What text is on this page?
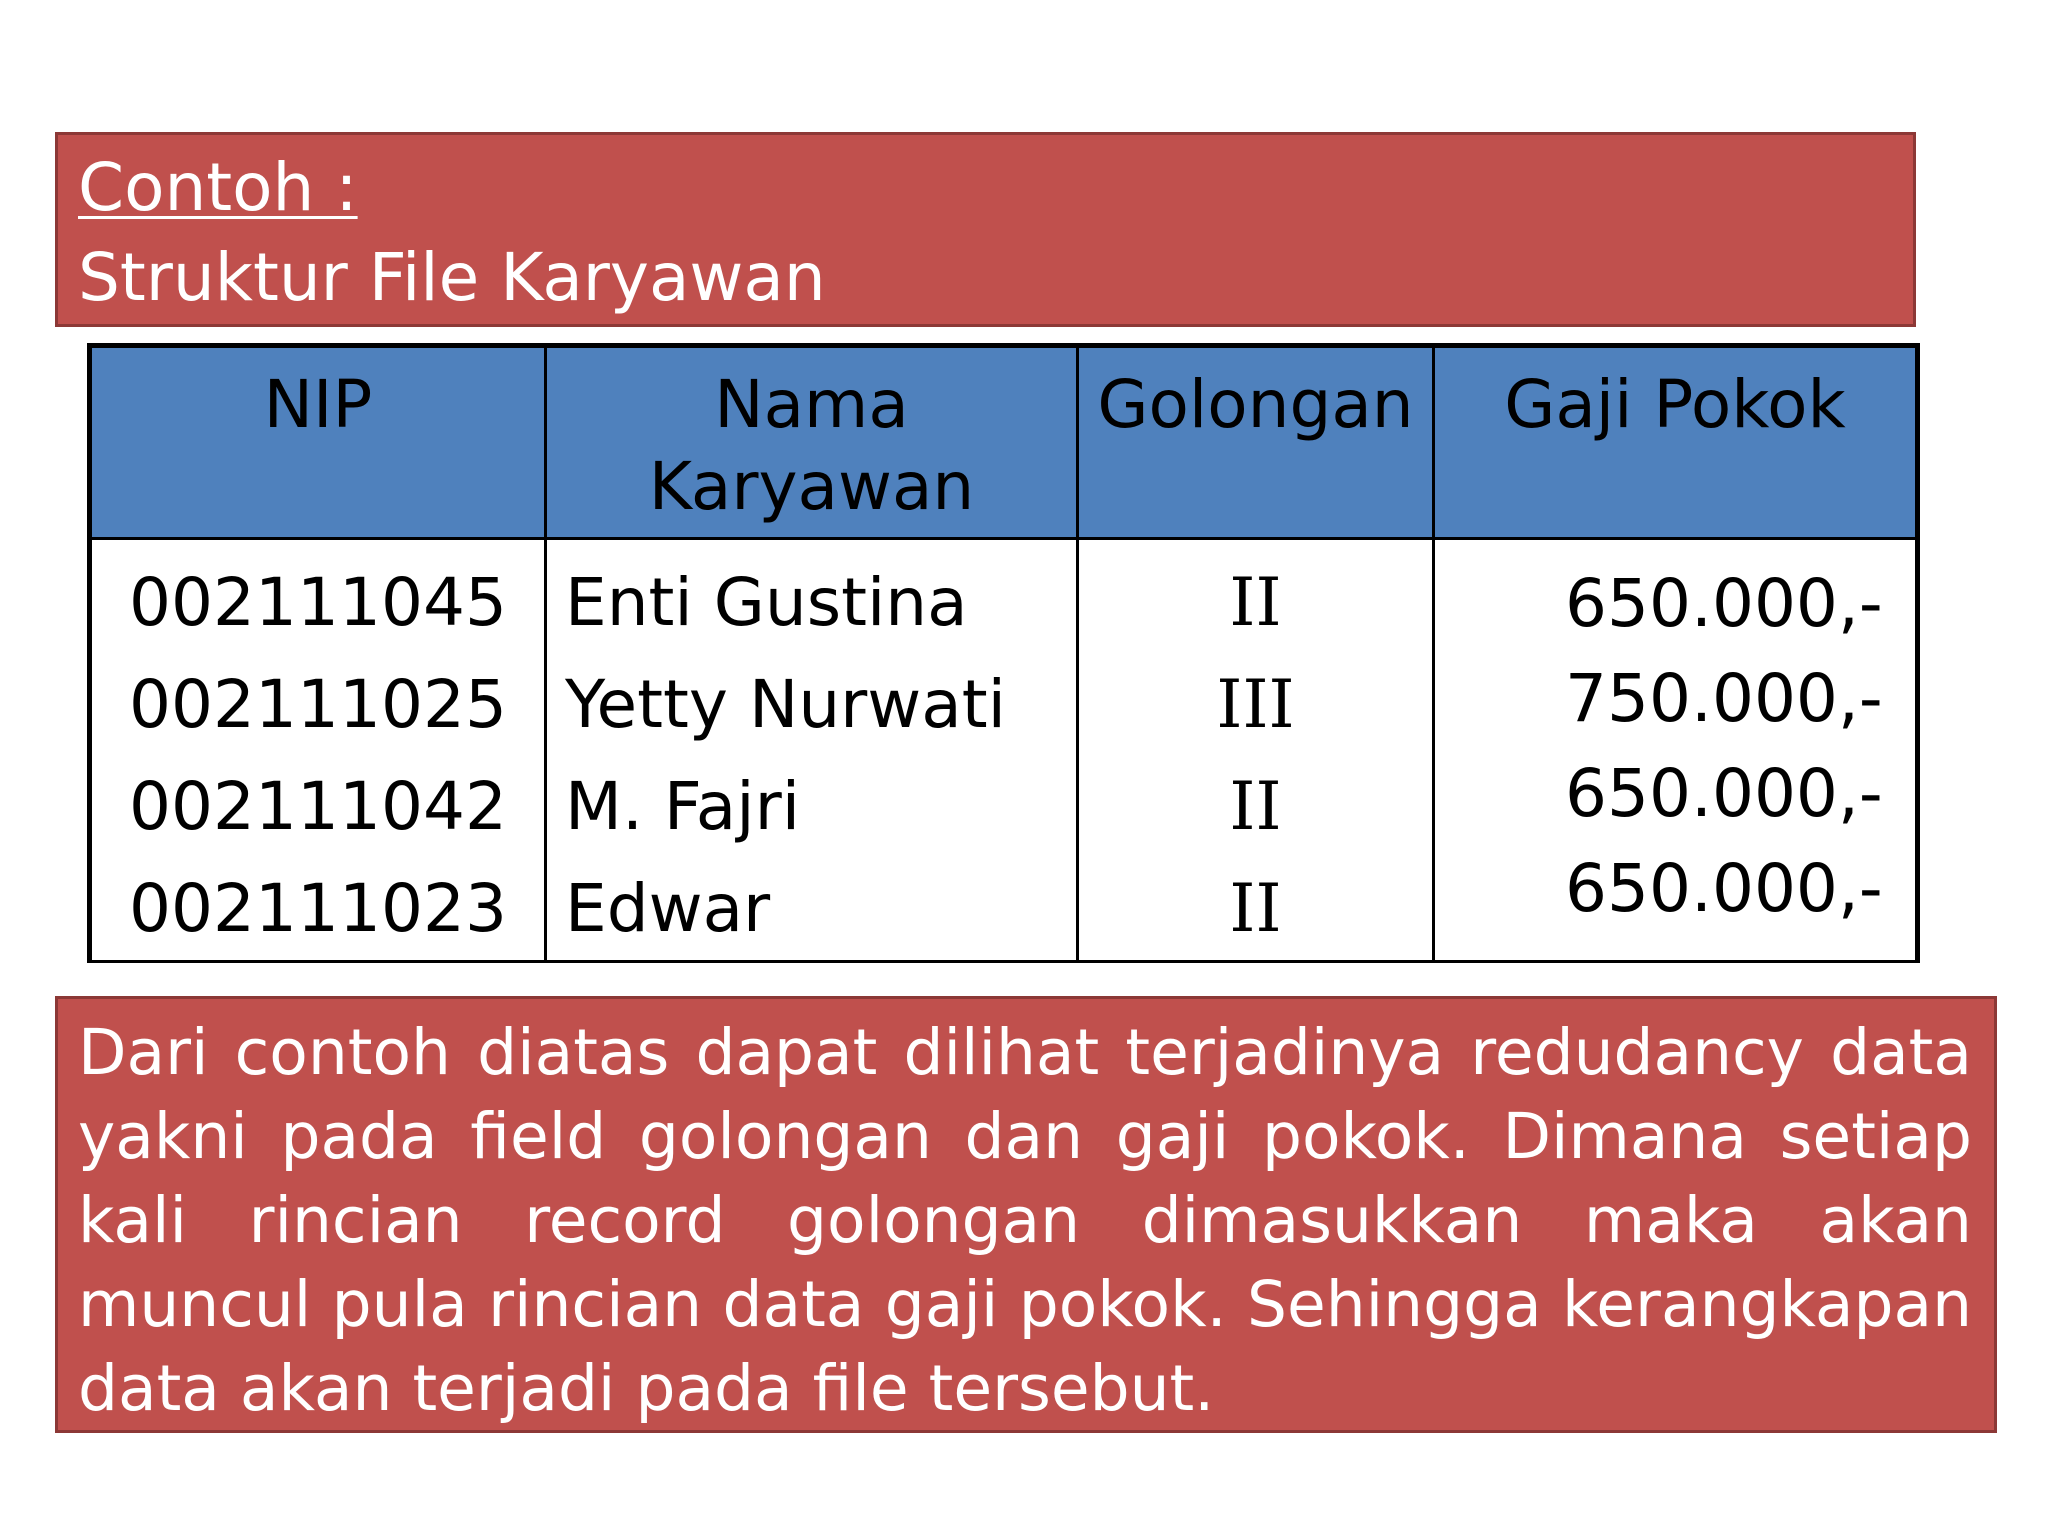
Contoh :
Struktur File Karyawan
NIP	Nama
Karyawan
Golongan	Gaji Pokok
002111045
002111025
002111042
002111023
Enti Gustina
Yetty Nurwati
M. Fajri
Edwar
II
III
II
II
650.000,-
750.000,-
650.000,-
650.000,-
Dari contoh diatas dapat dilihat terjadinya redudancy data yakni pada field golongan dan gaji pokok. Dimana setiap kali rincian record golongan dimasukkan maka akan muncul pula rincian data gaji pokok. Sehingga kerangkapan data akan terjadi pada file tersebut.
